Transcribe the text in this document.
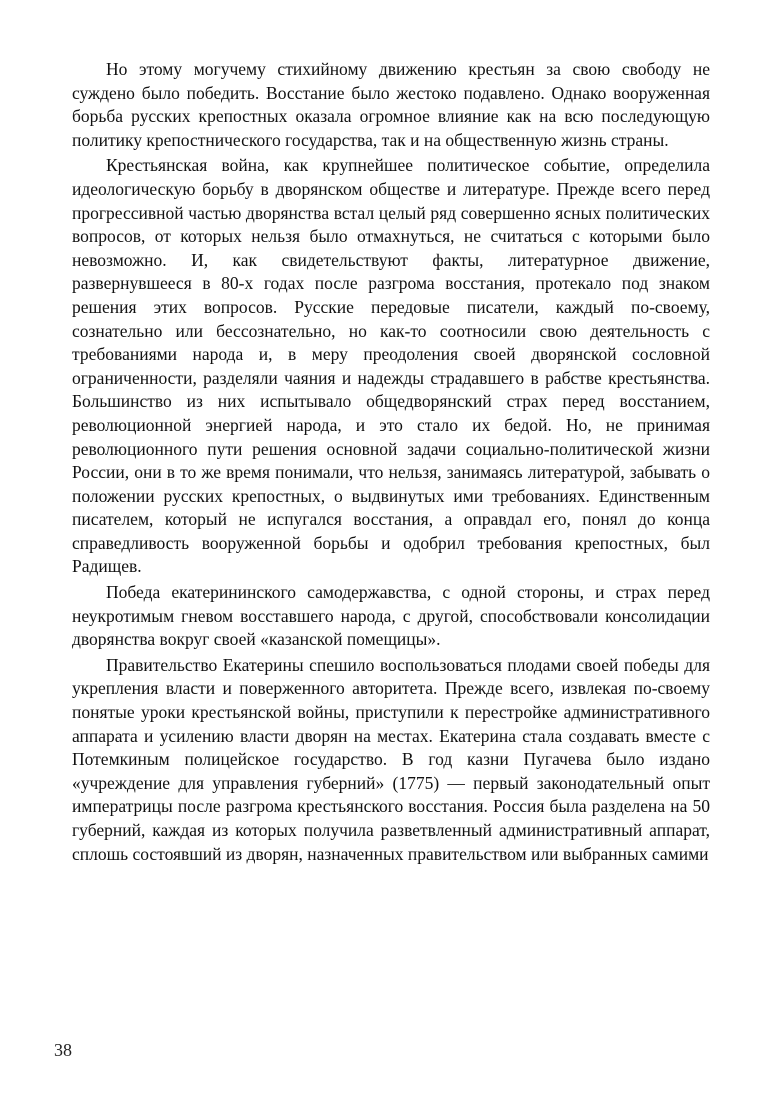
Но этому могучему стихийному движению крестьян за свою свободу не суждено было победить. Восстание было жестоко подавлено. Однако вооруженная борьба русских крепостных оказала огромное влияние как на всю последующую политику крепостнического государства, так и на общественную жизнь страны.

Крестьянская война, как крупнейшее политическое событие, определила идеологическую борьбу в дворянском обществе и литературе. Прежде всего перед прогрессивной частью дворянства встал целый ряд совершенно ясных политических вопросов, от которых нельзя было отмахнуться, не считаться с которыми было невозможно. И, как свидетельствуют факты, литературное движение, развернувшееся в 80-х годах после разгрома восстания, протекало под знаком решения этих вопросов. Русские передовые писатели, каждый по-своему, сознательно или бессознательно, но как-то соотносили свою деятельность с требованиями народа и, в меру преодоления своей дворянской сословной ограниченности, разделяли чаяния и надежды страдавшего в рабстве крестьянства. Большинство из них испытывало общедворянский страх перед восстанием, революционной энергией народа, и это стало их бедой. Но, не принимая революционного пути решения основной задачи социально-политической жизни России, они в то же время понимали, что нельзя, занимаясь литературой, забывать о положении русских крепостных, о выдвинутых ими требованиях. Единственным писателем, который не испугался восстания, а оправдал его, понял до конца справедливость вооруженной борьбы и одобрил требования крепостных, был Радищев.

Победа екатерининского самодержавства, с одной стороны, и страх перед неукротимым гневом восставшего народа, с другой, способствовали консолидации дворянства вокруг своей «казанской помещицы».

Правительство Екатерины спешило воспользоваться плодами своей победы для укрепления власти и поверженного авторитета. Прежде всего, извлекая по-своему понятые уроки крестьянской войны, приступили к перестройке административного аппарата и усилению власти дворян на местах. Екатерина стала создавать вместе с Потемкиным полицейское государство. В год казни Пугачева было издано «учреждение для управления губерний» (1775) — первый законодательный опыт императрицы после разгрома крестьянского восстания. Россия была разделена на 50 губерний, каждая из которых получила разветвленный административный аппарат, сплошь состоявший из дворян, назначенных правительством или выбранных самими

38
